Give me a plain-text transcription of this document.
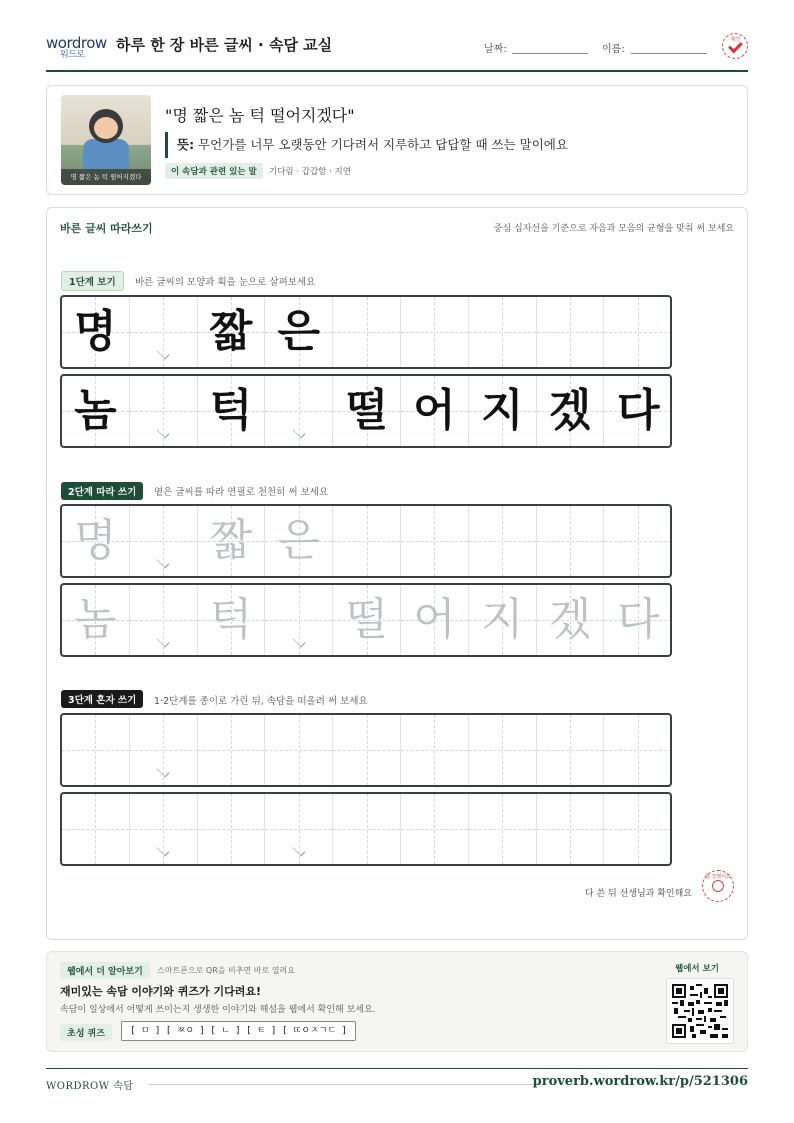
wordrow
워드로
하루 한 장 바른 글씨 · 속담 교실	날짜:	이름:
확인
명 짧은 놈 턱 떨어지겠다
"명 짧은 놈 턱 떨어지겠다"
뜻: 무언가를 너무 오랫동안 기다려서 지루하고 답답할 때 쓰는 말이에요
이 속담과 관련 있는 말	기다림 · 갑갑함 · 지연
바른 글씨 따라쓰기	중심 십자선을 기준으로 자음과 모음의 균형을 맞춰 써 보세요
1단계 보기	바른 글씨의 모양과 획을 눈으로 살펴보세요
2단계 따라 쓰기	옅은 글씨를 따라 연필로 천천히 써 보세요
3단계 혼자 쓰기	1·2단계를 종이로 가린 뒤, 속담을 떠올려 써 보세요
다 쓴 뒤 선생님과 확인해요
참 잘했어요
명 짧 은
놈 턱 떨 어 지 겠 다
명 짧 은
놈 턱 떨 어 지 겠 다
웹에서 더 알아보기	스마트폰으로 QR을 비추면 바로 열려요
재미있는 속담 이야기와 퀴즈가 기다려요!
속담이 일상에서 어떻게 쓰이는지 생생한 이야기와 해설을 웹에서 확인해 보세요.
초성 퀴즈	[ ㅁ ] [ ㅉㅇ ] [ ㄴ ] [ ㅌ ] [ ㄸㅇㅈㄱㄷ ]
웹에서 보기
WORDROW 속담	proverb.wordrow.kr/p/521306
